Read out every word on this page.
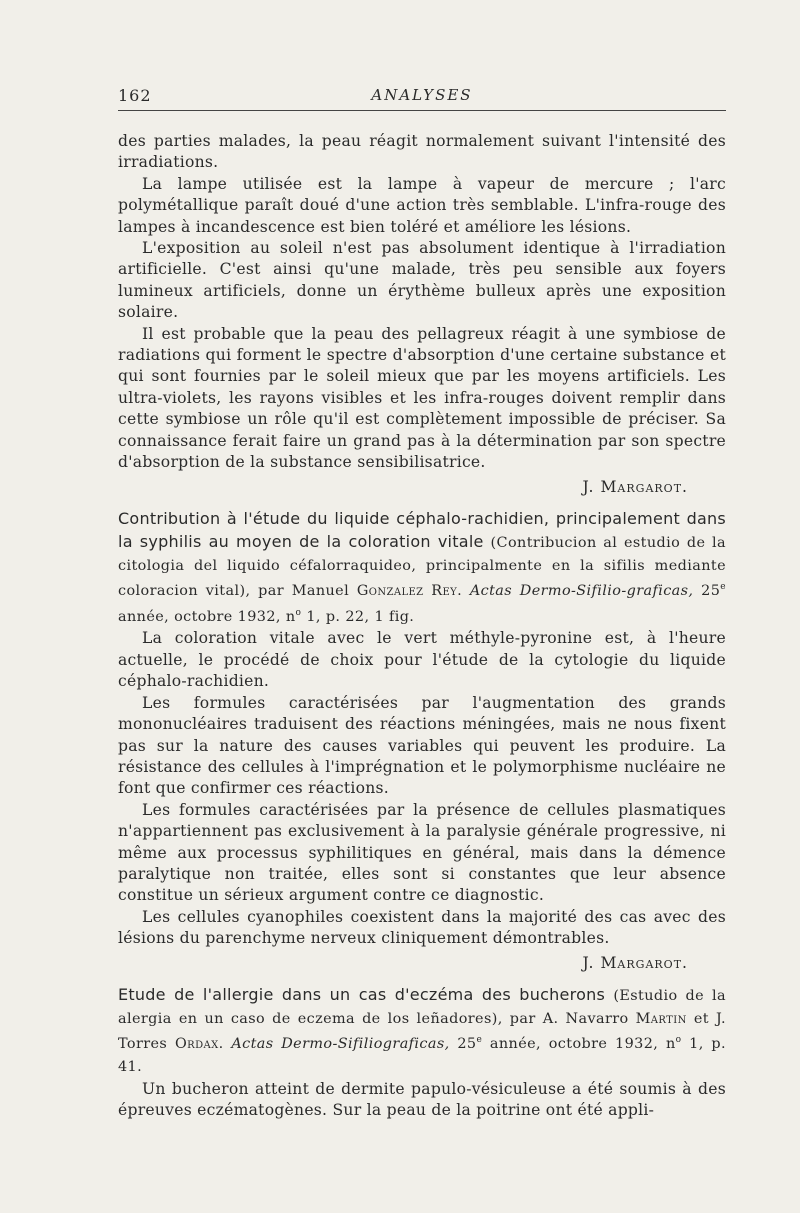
162	ANALYSES

des parties malades, la peau réagit normalement suivant l'intensité des irradiations.

La lampe utilisée est la lampe à vapeur de mercure ; l'arc polymétallique paraît doué d'une action très semblable. L'infra-rouge des lampes à incandescence est bien toléré et améliore les lésions.

L'exposition au soleil n'est pas absolument identique à l'irradiation artificielle. C'est ainsi qu'une malade, très peu sensible aux foyers lumineux artificiels, donne un érythème bulleux après une exposition solaire.

Il est probable que la peau des pellagreux réagit à une symbiose de radiations qui forment le spectre d'absorption d'une certaine substance et qui sont fournies par le soleil mieux que par les moyens artificiels. Les ultra-violets, les rayons visibles et les infra-rouges doivent remplir dans cette symbiose un rôle qu'il est complètement impossible de préciser. Sa connaissance ferait faire un grand pas à la détermination par son spectre d'absorption de la substance sensibilisatrice.

J. Margarot.
Contribution à l'étude du liquide céphalo-rachidien, principalement dans la syphilis au moyen de la coloration vitale (Contribucion al estudio de la citologia del liquido céfalorraquideo, principalmente en la sifilis mediante coloracion vital), par Manuel Gonzalez Rey. Actas Dermo-Sifilio-graficas, 25e année, octobre 1932, $n^o$ 1, p. 22, 1 fig.

La coloration vitale avec le vert méthyle-pyronine est, à l'heure actuelle, le procédé de choix pour l'étude de la cytologie du liquide céphalo-rachidien.

Les formules caractérisées par l'augmentation des grands mononucléaires traduisent des réactions méningées, mais ne nous fixent pas sur la nature des causes variables qui peuvent les produire. La résistance des cellules à l'imprégnation et le polymorphisme nucléaire ne font que confirmer ces réactions.

Les formules caractérisées par la présence de cellules plasmatiques n'appartiennent pas exclusivement à la paralysie générale progressive, ni même aux processus syphilitiques en général, mais dans la démence paralytique non traitée, elles sont si constantes que leur absence constitue un sérieux argument contre ce diagnostic.

Les cellules cyanophiles coexistent dans la majorité des cas avec des lésions du parenchyme nerveux cliniquement démontrables.

J. Margarot.
Etude de l'allergie dans un cas d'eczéma des bucherons (Estudio de la alergia en un caso de eczema de los leñadores), par A. Navarro Martin et J. Torres Ordax. Actas Dermo-Sifiliograficas, 25e année, octobre 1932, $n^o$ 1, p. 41.

Un bucheron atteint de dermite papulo-vésiculeuse a été soumis à des épreuves eczématogènes. Sur la peau de la poitrine ont été appli-
